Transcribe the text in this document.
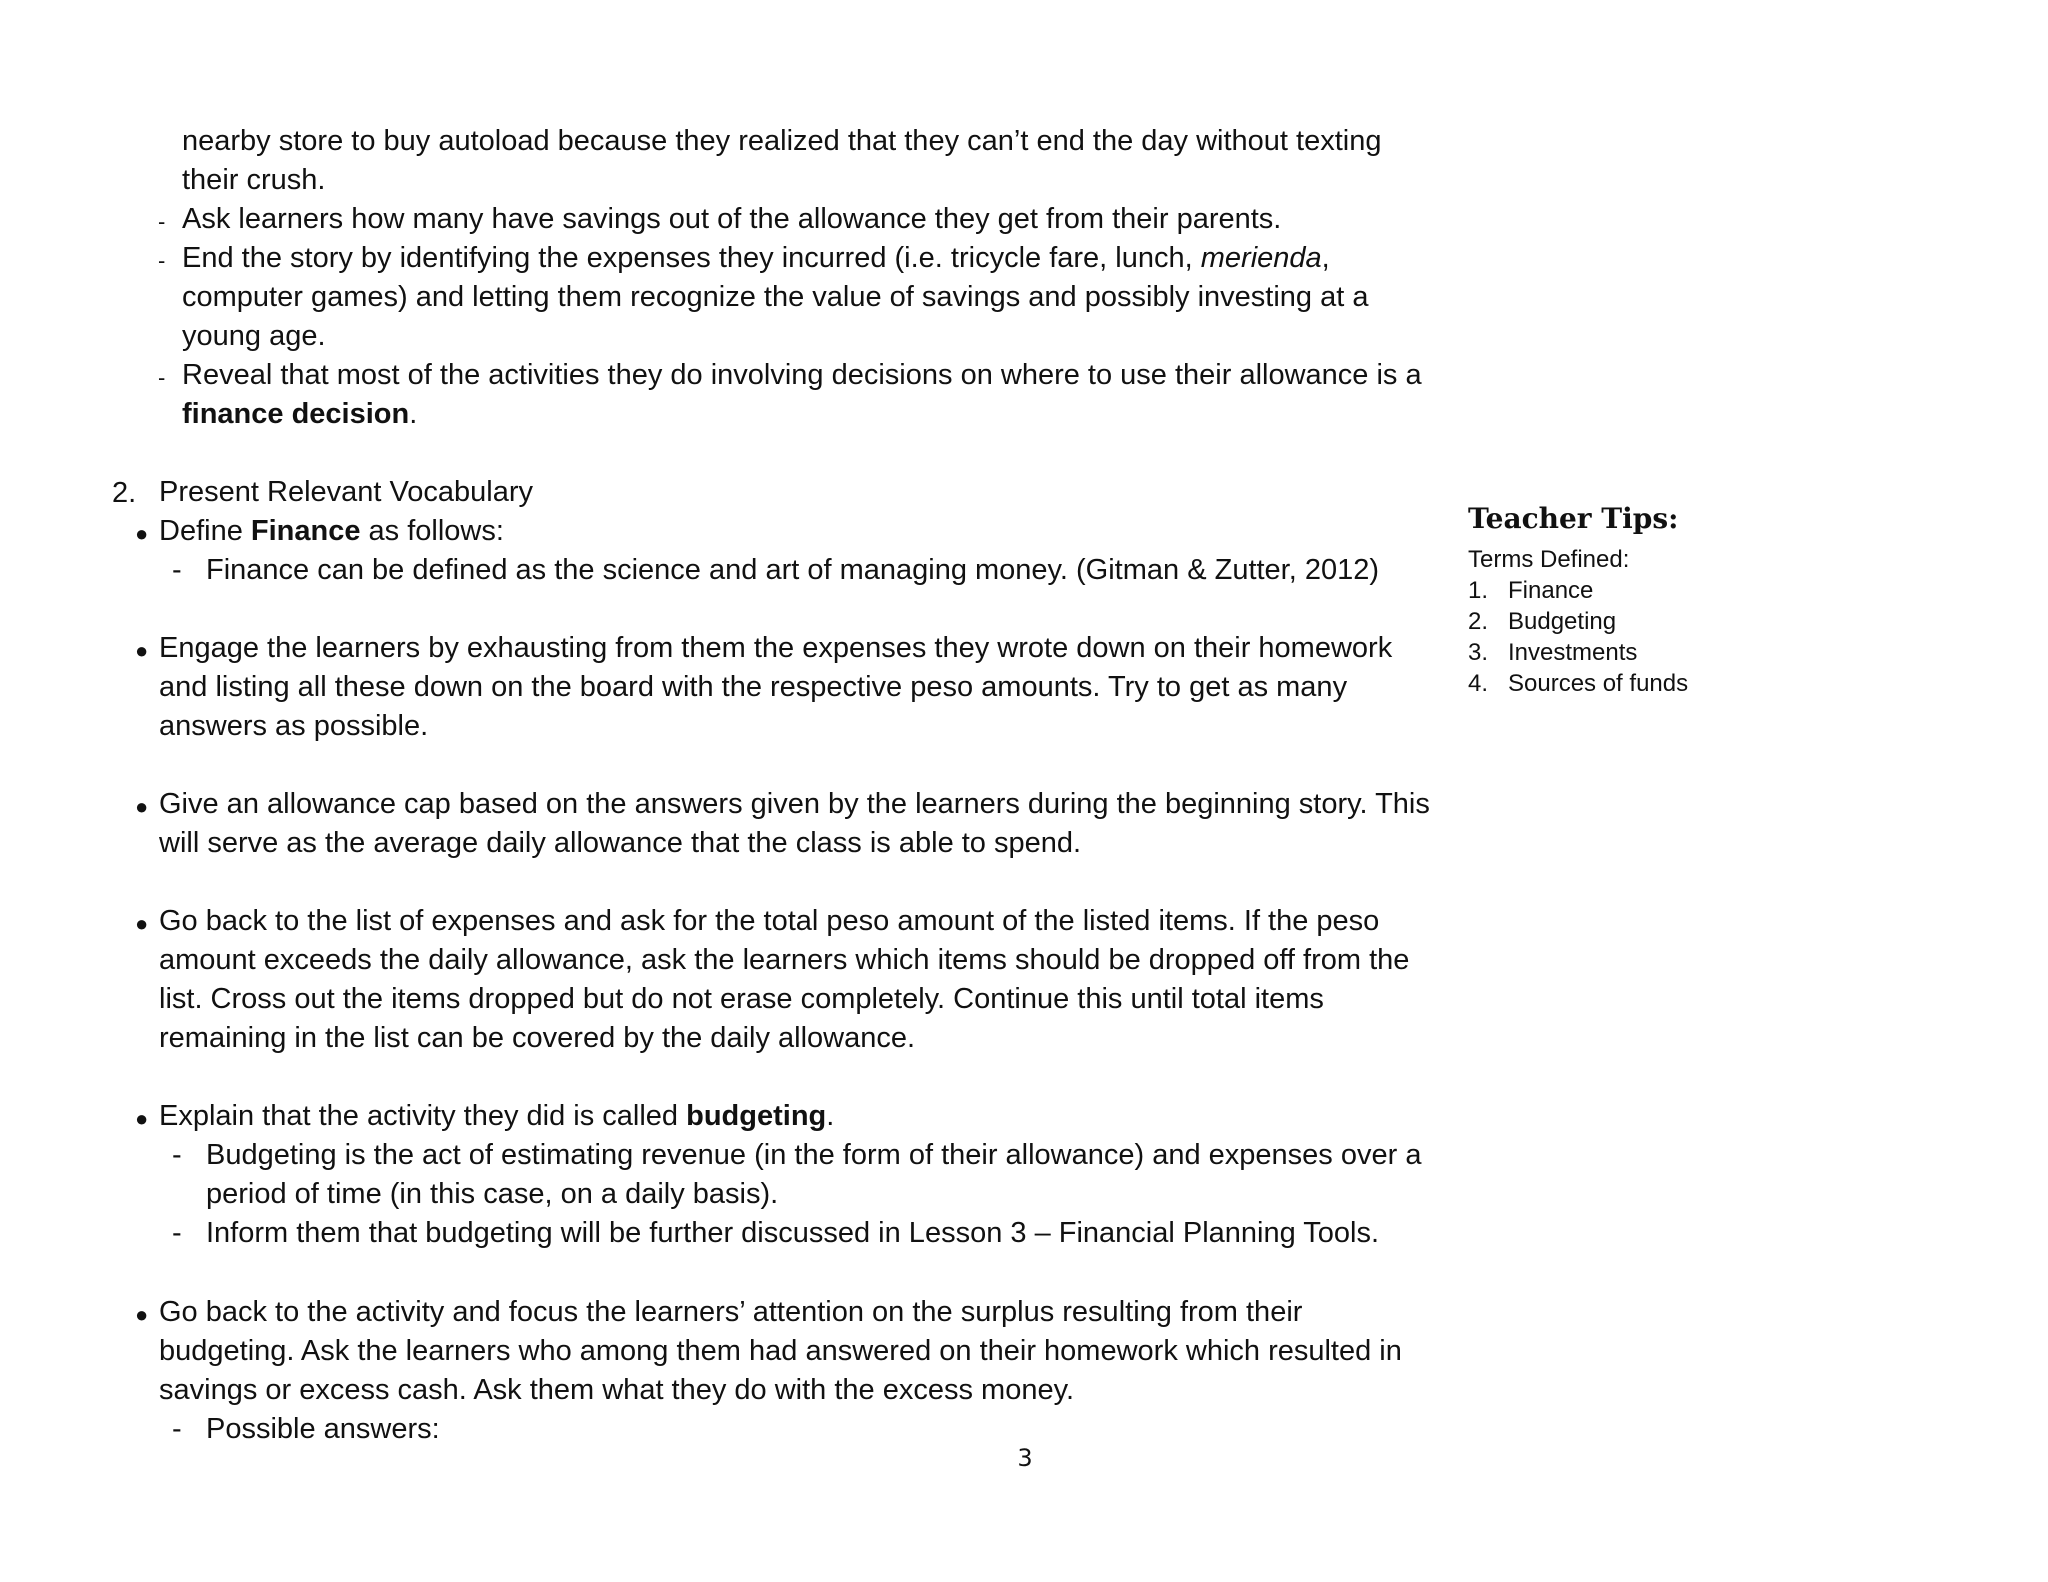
nearby store to buy autoload because they realized that they can’t end the day without texting
their crush.
- Ask learners how many have savings out of the allowance they get from their parents.
- End the story by identifying the expenses they incurred (i.e. tricycle fare, lunch, merienda,
computer games) and letting them recognize the value of savings and possibly investing at a
young age.
- Reveal that most of the activities they do involving decisions on where to use their allowance is a
finance decision.
2. Present Relevant Vocabulary
● Define Finance as follows:
- Finance can be defined as the science and art of managing money. (Gitman & Zutter, 2012)
● Engage the learners by exhausting from them the expenses they wrote down on their homework
and listing all these down on the board with the respective peso amounts. Try to get as many
answers as possible.
● Give an allowance cap based on the answers given by the learners during the beginning story. This
will serve as the average daily allowance that the class is able to spend.
● Go back to the list of expenses and ask for the total peso amount of the listed items. If the peso
amount exceeds the daily allowance, ask the learners which items should be dropped off from the
list. Cross out the items dropped but do not erase completely. Continue this until total items
remaining in the list can be covered by the daily allowance.
● Explain that the activity they did is called budgeting.
- Budgeting is the act of estimating revenue (in the form of their allowance) and expenses over a
period of time (in this case, on a daily basis).
- Inform them that budgeting will be further discussed in Lesson 3 – Financial Planning Tools.
● Go back to the activity and focus the learners’ attention on the surplus resulting from their
budgeting. Ask the learners who among them had answered on their homework which resulted in
savings or excess cash. Ask them what they do with the excess money.
- Possible answers:
3
Teacher Tips:
Terms Defined:
1. Finance
2. Budgeting
3. Investments
4. Sources of funds
